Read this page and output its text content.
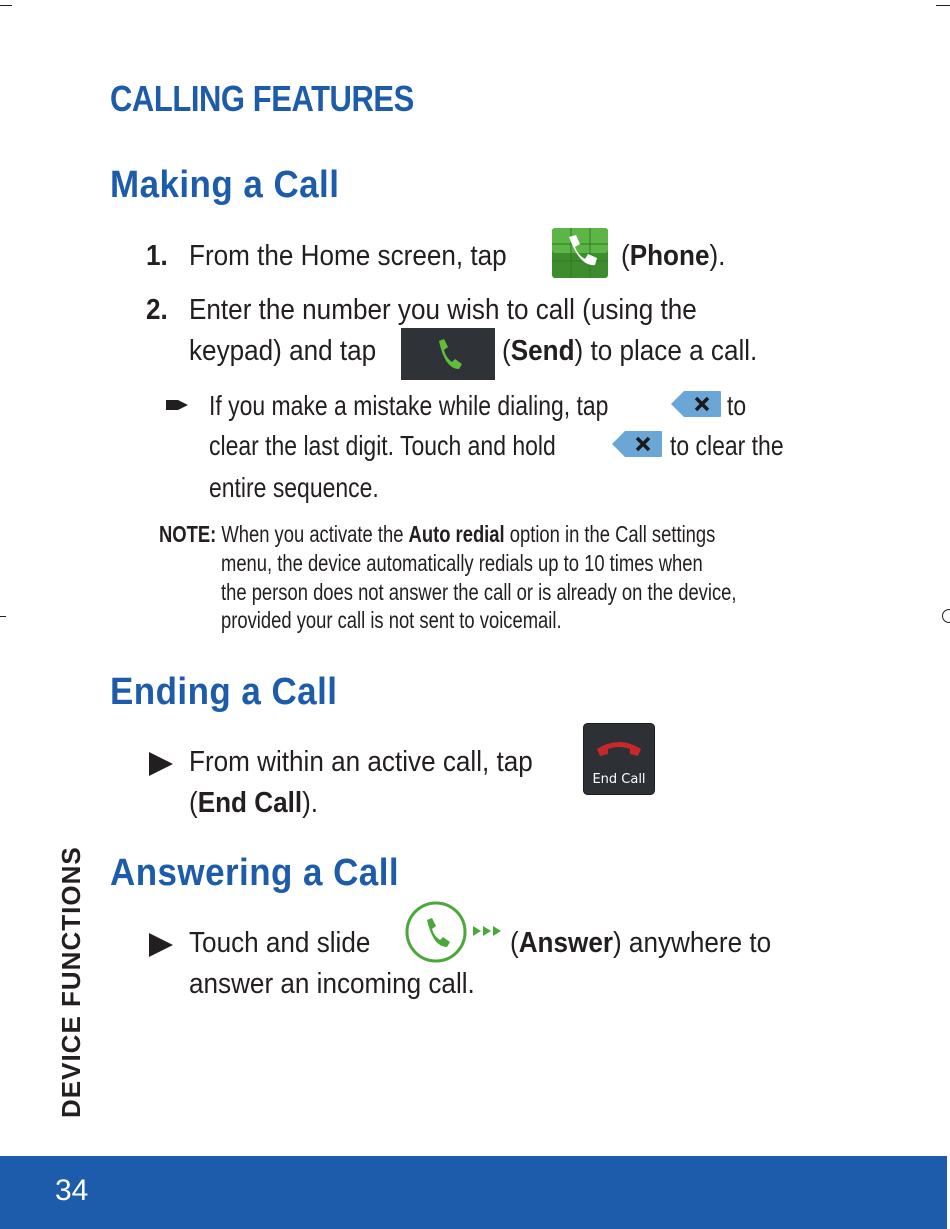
CALLING FEATURES
Making a Call
1. From the Home screen, tap	(Phone).

2. Enter the number you wish to call (using the

keypad) and tap	(Send) to place a call.

If you make a mistake while dialing, tap	to

clear the last digit. Touch and hold	to clear the

entire sequence.

NOTE: When you activate the Auto redial option in the Call settings

menu, the device automatically redials up to 10 times when

the person does not answer the call or is already on the device,

provided your call is not sent to voicemail.

Ending a Call

From within an active call, tap

End Call

(End Call).

Answering a Call

Touch and slide	(Answer) anywhere to

answer an incoming call.

DEVICE FUNCTIONS
34
